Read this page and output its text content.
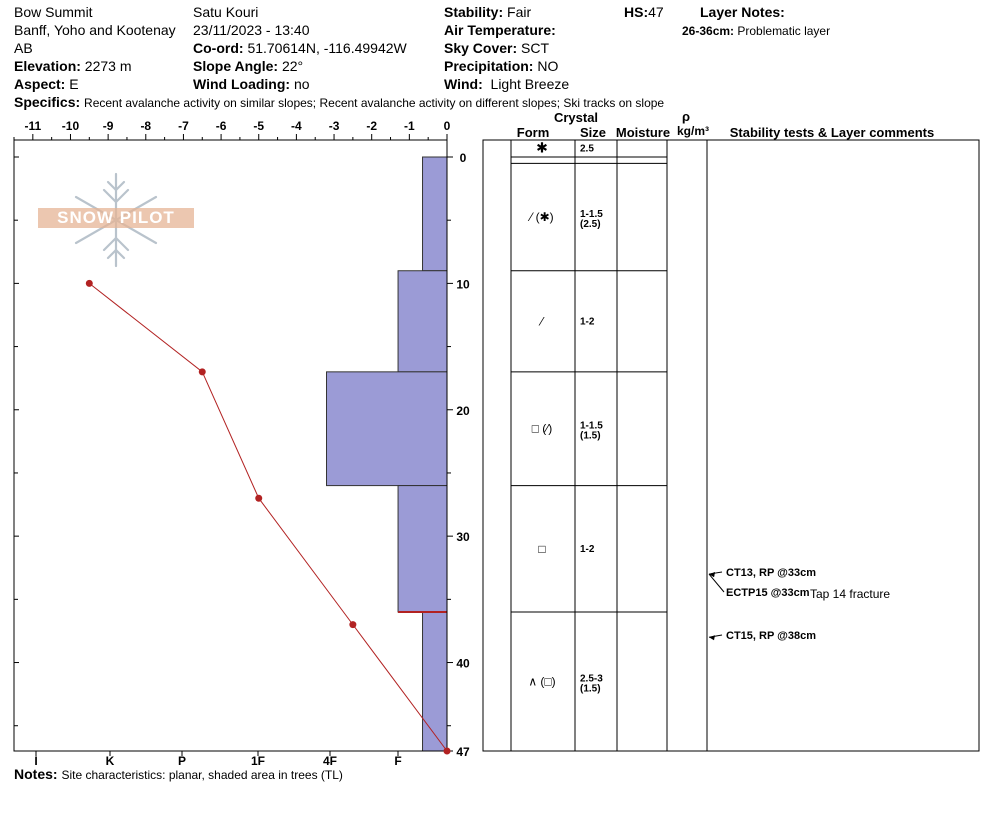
Bow Summit
Banff, Yoho and Kootenay
AB
Elevation: 2273 m
Aspect: E
Satu Kouri
23/11/2023 - 13:40
Co-ord: 51.70614N, -116.49942W
Slope Angle: 22°
Wind Loading: no
Stability: Fair
Air Temperature:
Sky Cover: SCT
Precipitation: NO
Wind: Light Breeze
HS:47	Layer Notes:
26-36cm: Problematic layer
Specifics: Recent avalanche activity on similar slopes; Recent avalanche activity on different slopes; Ski tracks on slope
Notes: Site characteristics: planar, shaded area in trees (TL)
-11 -10 -9 -8 -7 -6 -5 -4 -3 -2 -1 0
I	K	P	1F	4F	F
0
10
20
30
40
47
Crystal
Form Size Moisture
ρ
kg/m³ Stability tests & Layer comments
✱	2.5
⁄ (✱)	1-1.5
(2.5)
⁄	1-2
□ (⁄)	1-1.5
(1.5)
□	1-2
∧ (□) 2.5-3
(1.5)
CT13, RP @33cm
ECTP15 @33cm Tap 14 fracture
CT15, RP @38cm
SNOW PILOT
